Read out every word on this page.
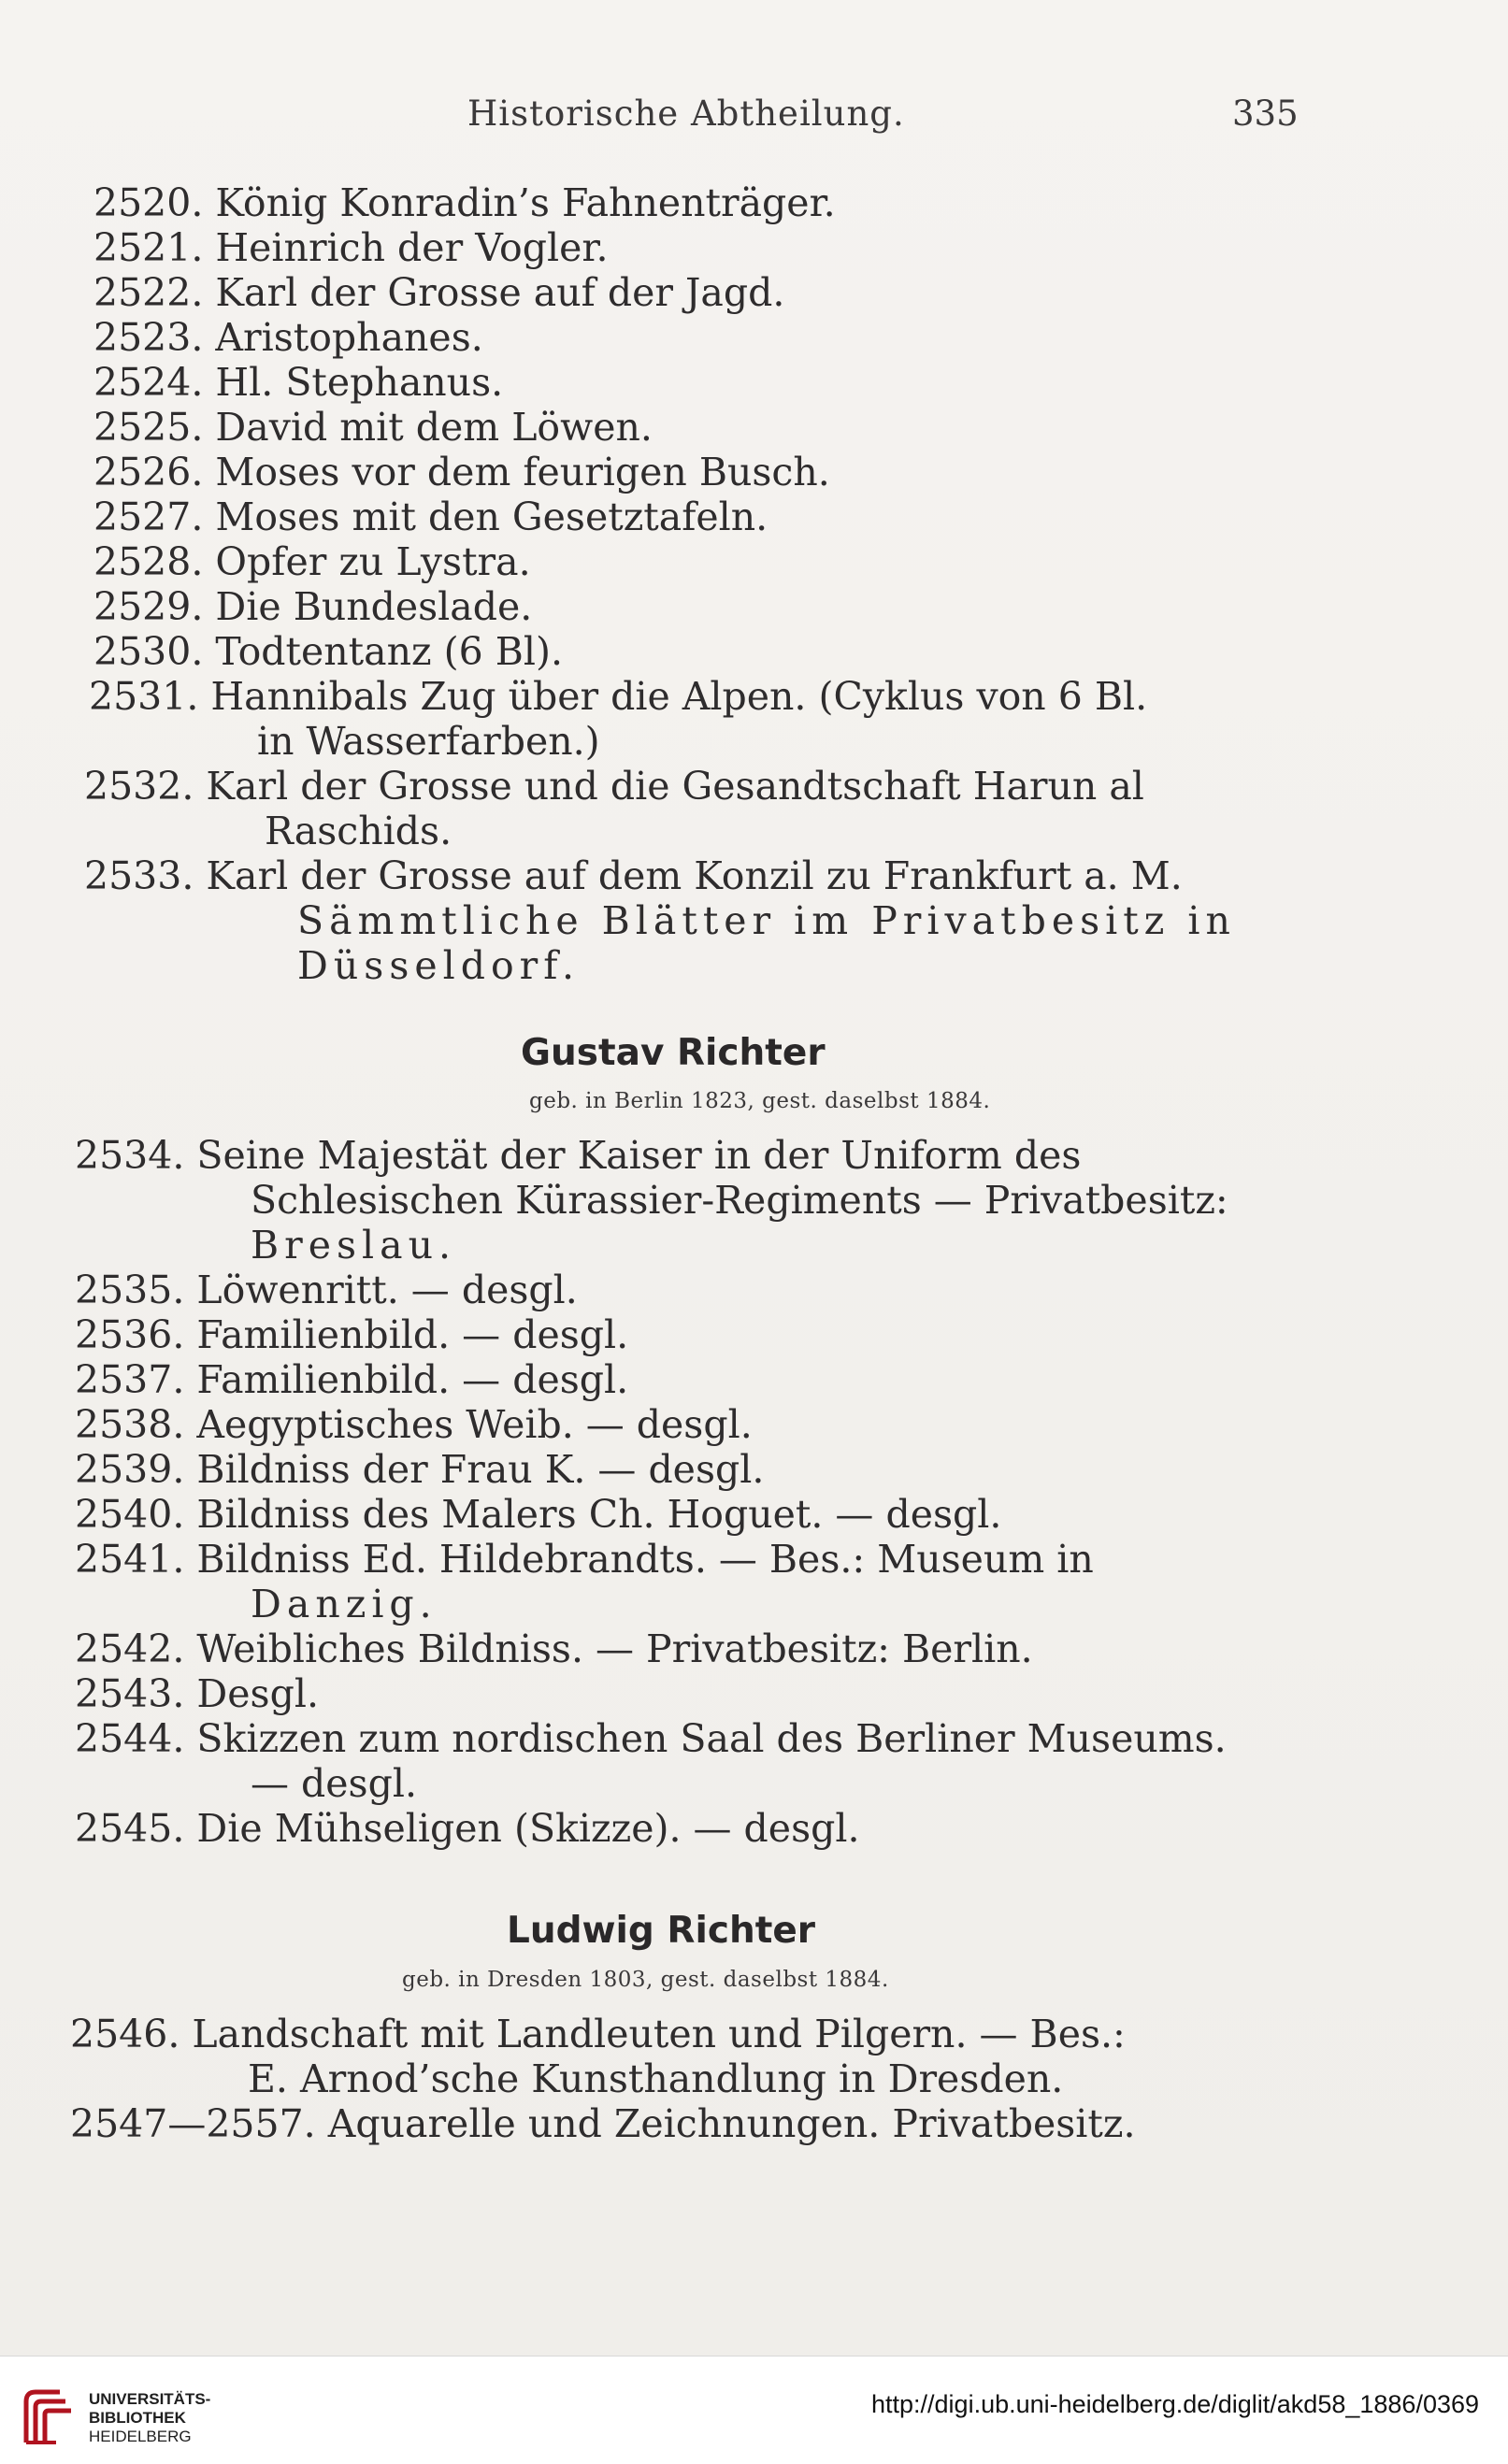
Historische Abtheilung.	335
2520. König Konradin’s Fahnenträger.
2521. Heinrich der Vogler.
2522. Karl der Grosse auf der Jagd.
2523. Aristophanes.
2524. Hl. Stephanus.
2525. David mit dem Löwen.
2526. Moses vor dem feurigen Busch.
2527. Moses mit den Gesetztafeln.
2528. Opfer zu Lystra.
2529. Die Bundeslade.
2530. Todtentanz (6 Bl).
2531. Hannibals Zug über die Alpen. (Cyklus von 6 Bl.
in Wasserfarben.)
2532. Karl der Grosse und die Gesandtschaft Harun al
Raschids.
2533. Karl der Grosse auf dem Konzil zu Frankfurt a. M.
Sämmtliche Blätter im Privatbesitz in
Düsseldorf.
Gustav Richter
geb. in Berlin 1823, gest. daselbst 1884.
2534. Seine Majestät der Kaiser in der Uniform des
Schlesischen Kürassier-Regiments — Privatbesitz:
Breslau.
2535. Löwenritt. — desgl.
2536. Familienbild. — desgl.
2537. Familienbild. — desgl.
2538. Aegyptisches Weib. — desgl.
2539. Bildniss der Frau K. — desgl.
2540. Bildniss des Malers Ch. Hoguet. — desgl.
2541. Bildniss Ed. Hildebrandts. — Bes.: Museum in
Danzig.
2542. Weibliches Bildniss. — Privatbesitz: Berlin.
2543. Desgl.
2544. Skizzen zum nordischen Saal des Berliner Museums.
— desgl.
2545. Die Mühseligen (Skizze). — desgl.
Ludwig Richter
geb. in Dresden 1803, gest. daselbst 1884.
2546. Landschaft mit Landleuten und Pilgern. — Bes.:
E. Arnod’sche Kunsthandlung in Dresden.
2547—2557. Aquarelle und Zeichnungen. Privatbesitz.
UNIVERSITÄTS-
BIBLIOTHEK
HEIDELBERG
http://digi.ub.uni-heidelberg.de/diglit/akd58_1886/0369
